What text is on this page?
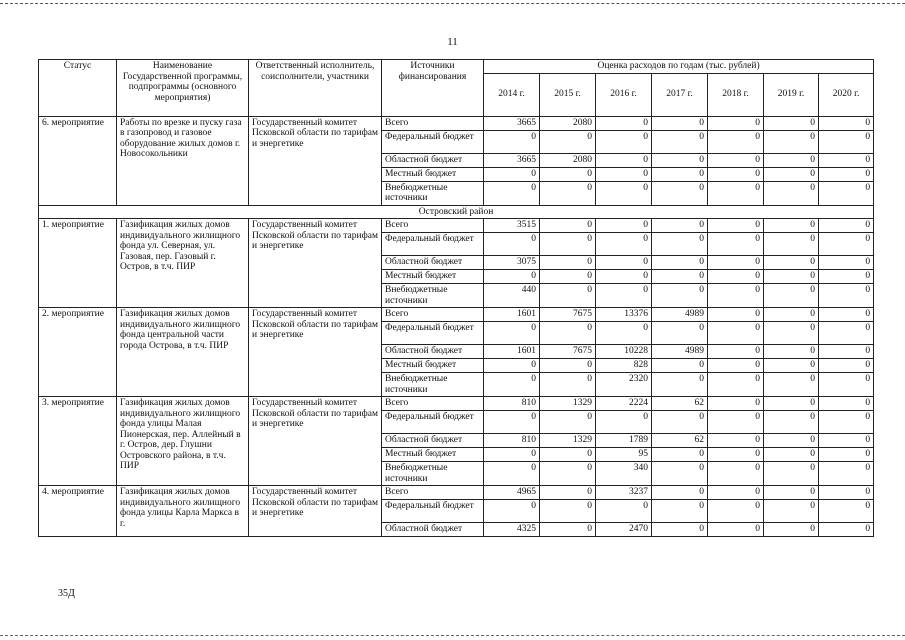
11
Статус	Наименование Государственной программы, подпрограммы (основного мероприятия)	Ответственный исполнитель, соисполнители, участники	Источники финансирования	Оценка расходов по годам (тыс. рублей)						
				2014 г.	2015 г.	2016 г.	2017 г.	2018 г.	2019 г.	2020 г.
6. мероприятие	Работы по врезке и пуску газа в газопровод и газовое оборудование жилых домов г. Новосокольники	Государственный комитет Псковской области по тарифам и энергетике	Всего	3665	2080	0	0	0	0	0
			Федеральный бюджет	0	0	0	0	0	0	0
			Областной бюджет	3665	2080	0	0	0	0	0
			Местный бюджет	0	0	0	0	0	0	0
			Внебюджетные источники	0	0	0	0	0	0	0
Островский район										
1. мероприятие	Газификация жилых домов индивидуального жилищного фонда ул. Северная, ул. Газовая, пер. Газовый г. Остров, в т.ч. ПИР	Государственный комитет Псковской области по тарифам и энергетике	Всего	3515	0	0	0	0	0	0
			Федеральный бюджет	0	0	0	0	0	0	0
			Областной бюджет	3075	0	0	0	0	0	0
			Местный бюджет	0	0	0	0	0	0	0
			Внебюджетные источники	440	0	0	0	0	0	0
2. мероприятие	Газификация жилых домов индивидуального жилищного фонда центральной части города Острова, в т.ч. ПИР	Государственный комитет Псковской области по тарифам и энергетике	Всего	1601	7675	13376	4989	0	0	0
			Федеральный бюджет	0	0	0	0	0	0	0
			Областной бюджет	1601	7675	10228	4989	0	0	0
			Местный бюджет	0	0	828	0	0	0	0
			Внебюджетные источники	0	0	2320	0	0	0	0
3. мероприятие	Газификация жилых домов индивидуального жилищного фонда улицы Малая Пионерская, пер. Аллейный в г. Остров, дер. Глушни Островского района, в т.ч. ПИР	Государственный комитет Псковской области по тарифам и энергетике	Всего	810	1329	2224	62	0	0	0
			Федеральный бюджет	0	0	0	0	0	0	0
			Областной бюджет	810	1329	1789	62	0	0	0
			Местный бюджет	0	0	95	0	0	0	0
			Внебюджетные источники	0	0	340	0	0	0	0
4. мероприятие	Газификация жилых домов индивидуального жилищного фонда улицы Карла Маркса в г.	Государственный комитет Псковской области по тарифам и энергетике	Всего	4965	0	3237	0	0	0	0
			Федеральный бюджет	0	0	0	0	0	0	0
			Областной бюджет	4325	0	2470	0	0	0	0
35Д
